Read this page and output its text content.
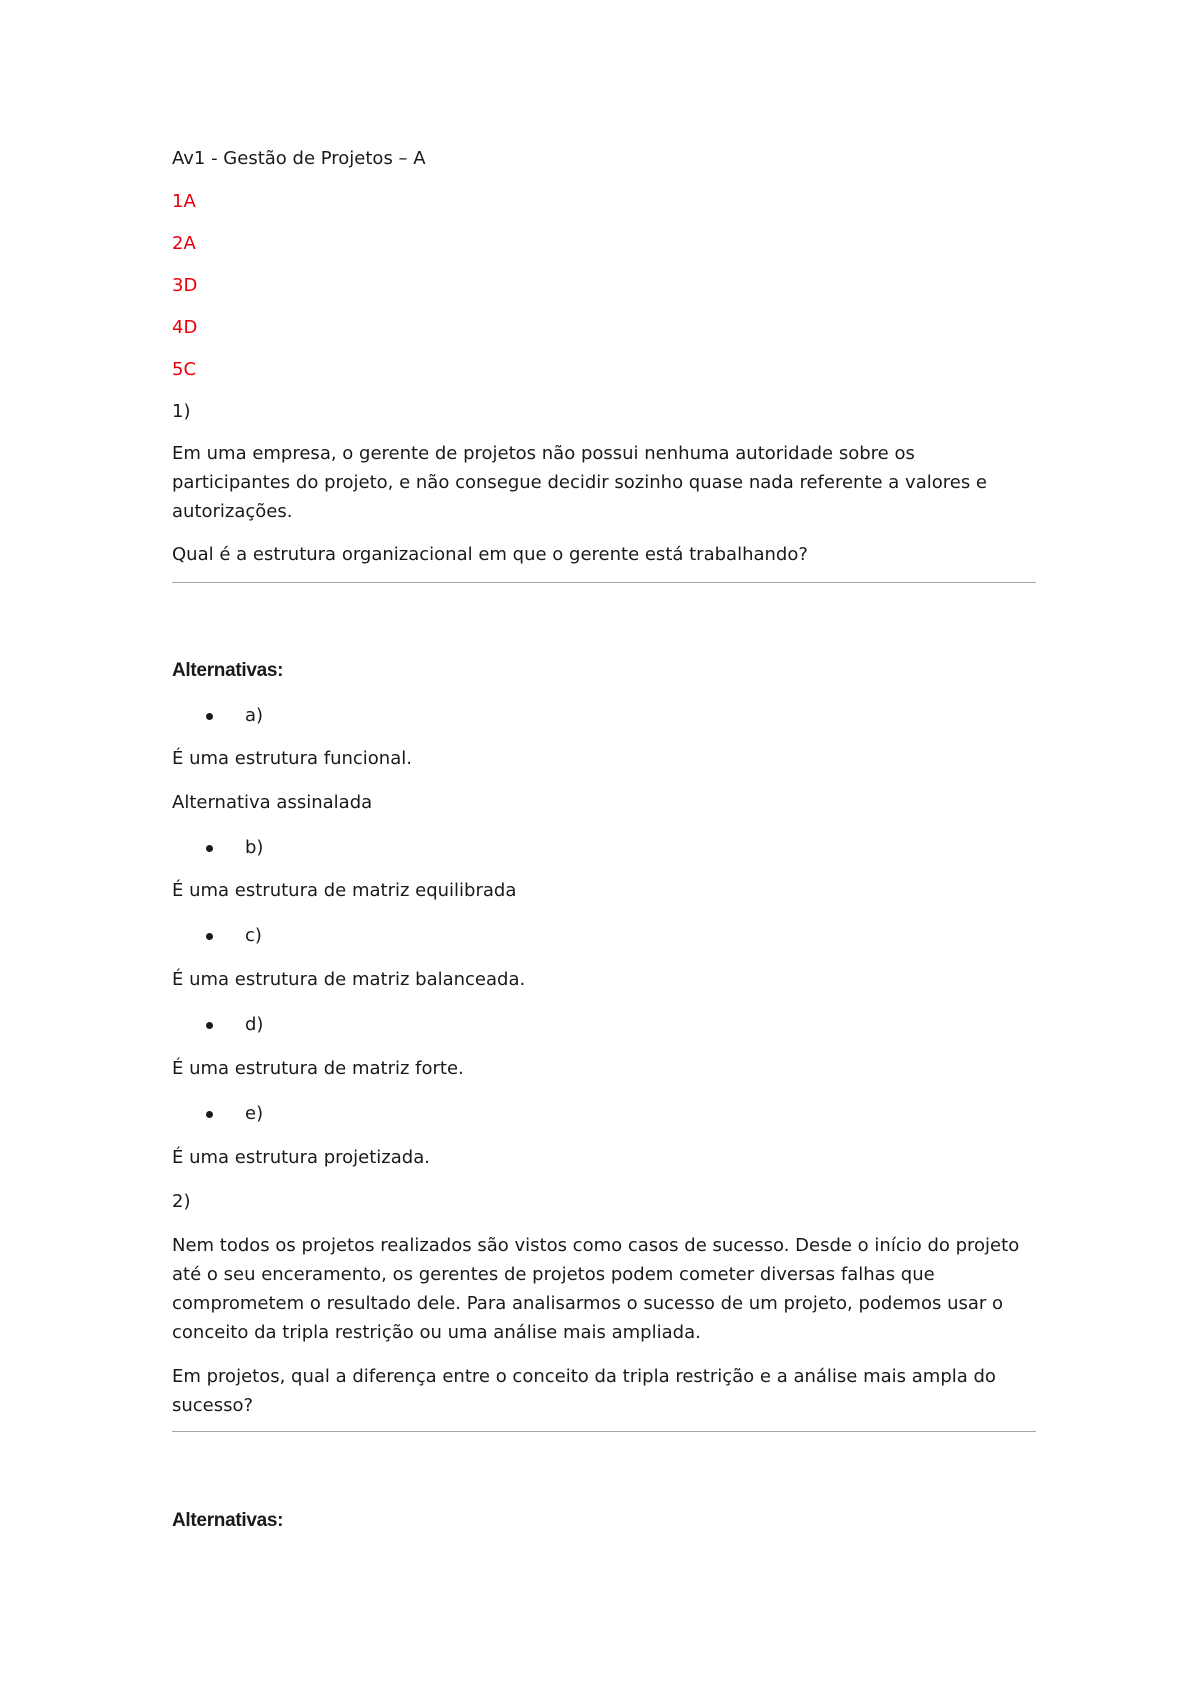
Av1 - Gestão de Projetos – A
1A
2A
3D
4D
5C
1)
Em uma empresa, o gerente de projetos não possui nenhuma autoridade sobre os
participantes do projeto, e não consegue decidir sozinho quase nada referente a valores e
autorizações.
Qual é a estrutura organizacional em que o gerente está trabalhando?
Alternativas:
a)
É uma estrutura funcional.
Alternativa assinalada
b)
É uma estrutura de matriz equilibrada
c)
É uma estrutura de matriz balanceada.
d)
É uma estrutura de matriz forte.
e)
É uma estrutura projetizada.
2)
Nem todos os projetos realizados são vistos como casos de sucesso. Desde o início do projeto
até o seu enceramento, os gerentes de projetos podem cometer diversas falhas que
comprometem o resultado dele. Para analisarmos o sucesso de um projeto, podemos usar o
conceito da tripla restrição ou uma análise mais ampliada.
Em projetos, qual a diferença entre o conceito da tripla restrição e a análise mais ampla do
sucesso?
Alternativas:
